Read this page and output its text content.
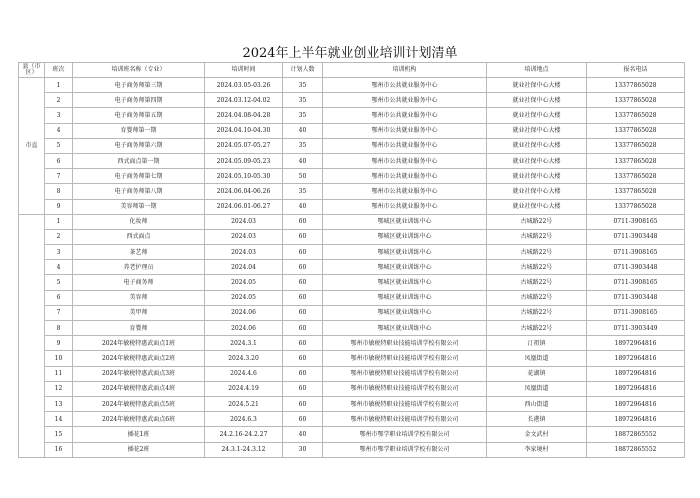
2024年上半年就业创业培训计划清单
县（市区）	班次	培训班名称（专业）	培训时间	计划人数	培训机构	培训地点	报名电话
市直	1	电子商务师第三期	2024.03.05-03.26	35	鄂州市公共就业服务中心	就业社保中心大楼	13377865028
	2	电子商务师第四期	2024.03.12-04.02	35	鄂州市公共就业服务中心	就业社保中心大楼	13377865028
	3	电子商务师第五期	2024.04.08-04.28	35	鄂州市公共就业服务中心	就业社保中心大楼	13377865028
	4	育婴师第一期	2024.04.10-04.30	40	鄂州市公共就业服务中心	就业社保中心大楼	13377865028
	5	电子商务师第六期	2024.05.07-05.27	35	鄂州市公共就业服务中心	就业社保中心大楼	13377865028
	6	西式面点第一期	2024.05.09-05.23	40	鄂州市公共就业服务中心	就业社保中心大楼	13377865028
	7	电子商务师第七期	2024.05.10-05.30	50	鄂州市公共就业服务中心	就业社保中心大楼	13377865028
	8	电子商务师第八期	2024.06.04-06.26	35	鄂州市公共就业服务中心	就业社保中心大楼	13377865028
	9	美容师第一期	2024.06.01-06.27	40	鄂州市公共就业服务中心	就业社保中心大楼	13377865028
	1	化妆师	2024.03	60	鄂城区就业训练中心	古城路22号	0711-3908165
	2	西式面点	2024.03	60	鄂城区就业训练中心	古城路22号	0711-3903448
	3	茶艺师	2024.03	60	鄂城区就业训练中心	古城路22号	0711-3908165
	4	养老护理员	2024.04	60	鄂城区就业训练中心	古城路22号	0711-3903448
	5	电子商务师	2024.05	60	鄂城区就业训练中心	古城路22号	0711-3908165
	6	美容师	2024.05	60	鄂城区就业训练中心	古城路22号	0711-3903448
	7	美甲师	2024.06	60	鄂城区就业训练中心	古城路22号	0711-3908165
	8	育婴师	2024.06	60	鄂城区就业训练中心	古城路22号	0711-3903449
	9	2024年敏税特惠武面点1班	2024.3.1	60	鄂州市敏税特职业技能培训学校有限公司	汀祖镇	18972964816
	10	2024年敏税特惠武面点2班	2024.3.20	60	鄂州市敏税特职业技能培训学校有限公司	凤凰街道	18972964816
	11	2024年敏税特惠武面点3班	2024.4.6	60	鄂州市敏税特职业技能培训学校有限公司	花湖镇	18972964816
	12	2024年敏税特惠武面点4班	2024.4.19	60	鄂州市敏税特职业技能培训学校有限公司	凤凰街道	18972964816
	13	2024年敏税特惠武面点5班	2024.5.21	60	鄂州市敏税特职业技能培训学校有限公司	西山街道	18972964816
	14	2024年敏税特惠武面点6班	2024.6.3	60	鄂州市敏税特职业技能培训学校有限公司	长港镇	18972964816
	15	插花1班	24.2.16-24.2.27	40	鄂州市鄂学职业培训学校有限公司	金文武村	18872865552
	16	插花2班	24.3.1-24.3.12	30	鄂州市鄂学职业培训学校有限公司	李家境村	18872865552
